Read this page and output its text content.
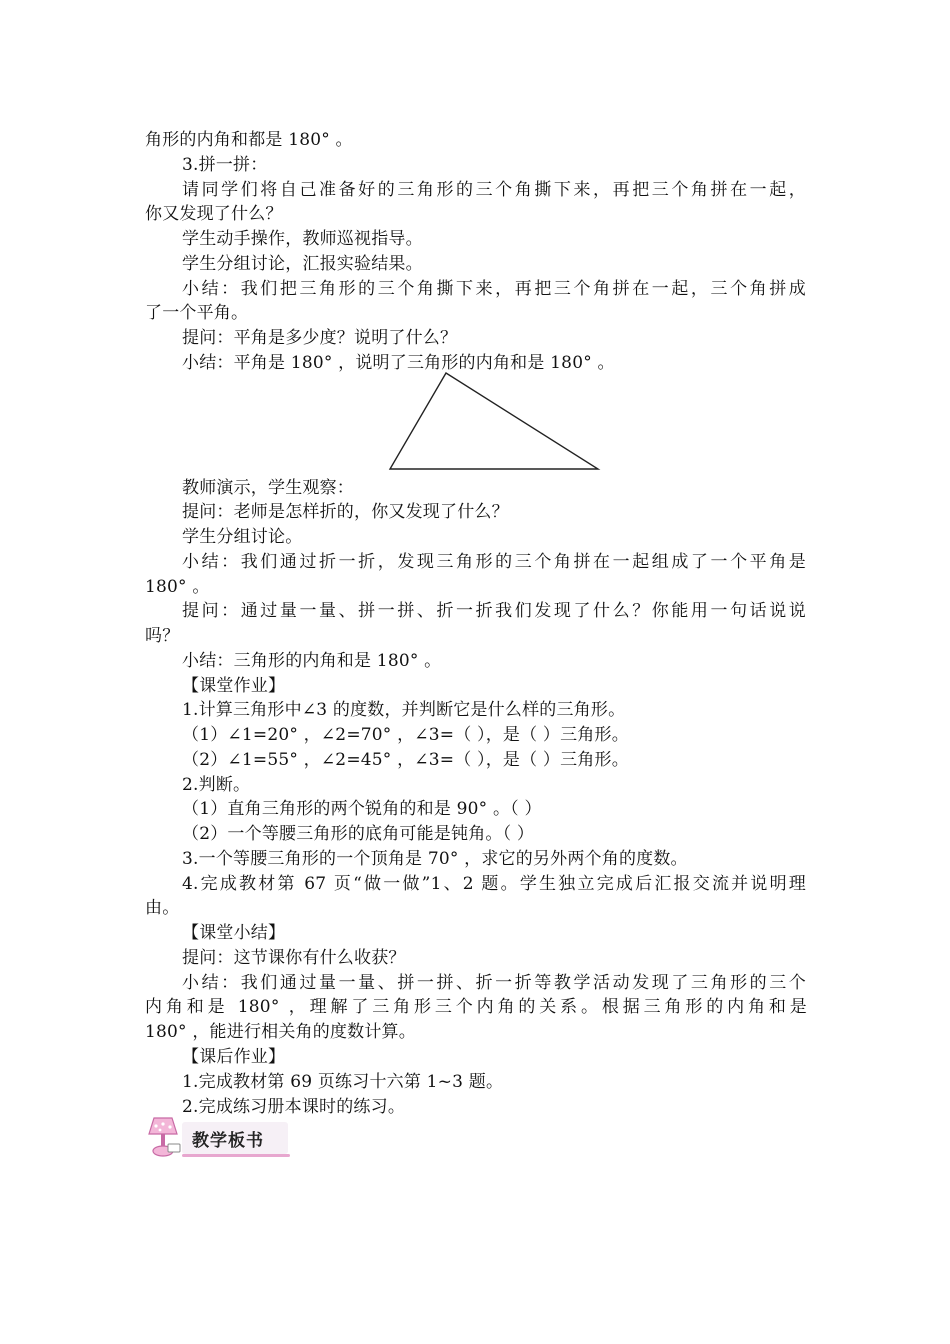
角形的内角和都是 180° 。
3.拼一拼：
请同学们将自己准备好的三角形的三个角撕下来，再把三个角拼在一起，
你又发现了什么？
学生动手操作，教师巡视指导。
学生分组讨论，汇报实验结果。
小结：我们把三角形的三个角撕下来，再把三个角拼在一起，三个角拼成
了一个平角。
提问：平角是多少度？说明了什么？
小结：平角是 180° ，说明了三角形的内角和是 180° 。
教师演示，学生观察：
提问：老师是怎样折的，你又发现了什么？
学生分组讨论。
小结：我们通过折一折，发现三角形的三个角拼在一起组成了一个平角是
180° 。
提问：通过量一量、拼一拼、折一折我们发现了什么？你能用一句话说说
吗？
小结：三角形的内角和是 180° 。
【课堂作业】
1.计算三角形中∠3 的度数，并判断它是什么样的三角形。
（1）∠1=20° ，∠2=70° ，∠3=（ ），是（ ）三角形。
（2）∠1=55° ，∠2=45° ，∠3=（ ），是（ ）三角形。
2.判断。
（1）直角三角形的两个锐角的和是 90° 。（ ）
（2）一个等腰三角形的底角可能是钝角。（ ）
3.一个等腰三角形的一个顶角是 70° ，求它的另外两个角的度数。
4.完成教材第 67 页“做一做”1、2 题。学生独立完成后汇报交流并说明理
由。
【课堂小结】
提问：这节课你有什么收获？
小结：我们通过量一量、拼一拼、折一折等教学活动发现了三角形的三个
内角和是 180° ，理解了三角形三个内角的关系。根据三角形的内角和是
180° ，能进行相关角的度数计算。
【课后作业】
1.完成教材第 69 页练习十六第 1~3 题。
2.完成练习册本课时的练习。
教学板书
